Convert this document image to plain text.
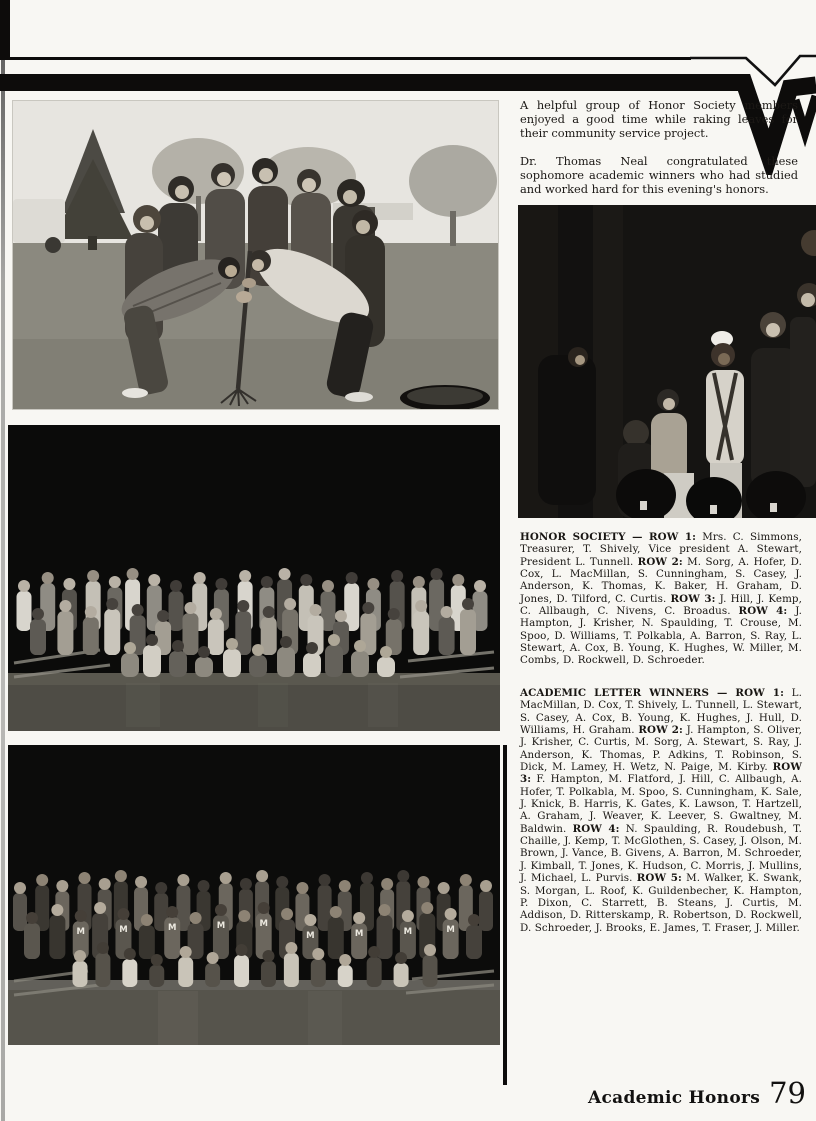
M	M	M	M	M
M	M	M	M

A helpful group of Honor Society members enjoyed a good time while raking leaves for their community service project.

Dr. Thomas Neal congratulated these sophomore academic winners who had studied and worked hard for this evening's honors.

HONOR SOCIETY — ROW 1: Mrs. C. Simmons, Treasurer, T. Shively, Vice president A. Stewart, President L. Tunnell. ROW 2: M. Sorg, A. Hofer, D. Cox, L. MacMillan, S. Cunningham, S. Casey, J. Anderson, K. Thomas, K. Baker, H. Graham, D. Jones, D. Tilford, C. Curtis. ROW 3: J. Hill, J. Kemp, C. Allbaugh, C. Nivens, C. Broadus. ROW 4: J. Hampton, J. Krisher, N. Spaulding, T. Crouse, M. Spoo, D. Williams, T. Polkabla, A. Barron, S. Ray, L. Stewart, A. Cox, B. Young, K. Hughes, W. Miller, M. Combs, D. Rockwell, D. Schroeder.
ACADEMIC LETTER WINNERS — ROW 1: L. MacMillan, D. Cox, T. Shively, L. Tunnell, L. Stewart, S. Casey, A. Cox, B. Young, K. Hughes, J. Hull, D. Williams, H. Graham. ROW 2: J. Hampton, S. Oliver, J. Krisher, C. Curtis, M. Sorg, A. Stewart, S. Ray, J. Anderson, K. Thomas, P. Adkins, T. Robinson, S. Dick, M. Lamey, H. Wetz, N. Paige, M. Kirby. ROW 3: F. Hampton, M. Flatford, J. Hill, C. Allbaugh, A. Hofer, T. Polkabla, M. Spoo, S. Cunningham, K. Sale, J. Knick, B. Harris, K. Gates, K. Lawson, T. Hartzell, A. Graham, J. Weaver, K. Leever, S. Gwaltney, M. Baldwin. ROW 4: N. Spaulding, R. Roudebush, T. Chaille, J. Kemp, T. McGlothen, S. Casey, J. Olson, M. Brown, J. Vance, B. Givens, A. Barron, M. Schroeder, J. Kimball, T. Jones, K. Hudson, C. Morris, J. Mullins, J. Michael, L. Purvis. ROW 5: M. Walker, K. Swank, S. Morgan, L. Roof, K. Guildenbecher, K. Hampton, P. Dixon, C. Starrett, B. Steans, J. Curtis, M. Addison, D. Ritterskamp, R. Robertson, D. Rockwell, D. Schroeder, J. Brooks, E. James, T. Fraser, J. Miller.
Academic Honors 79
